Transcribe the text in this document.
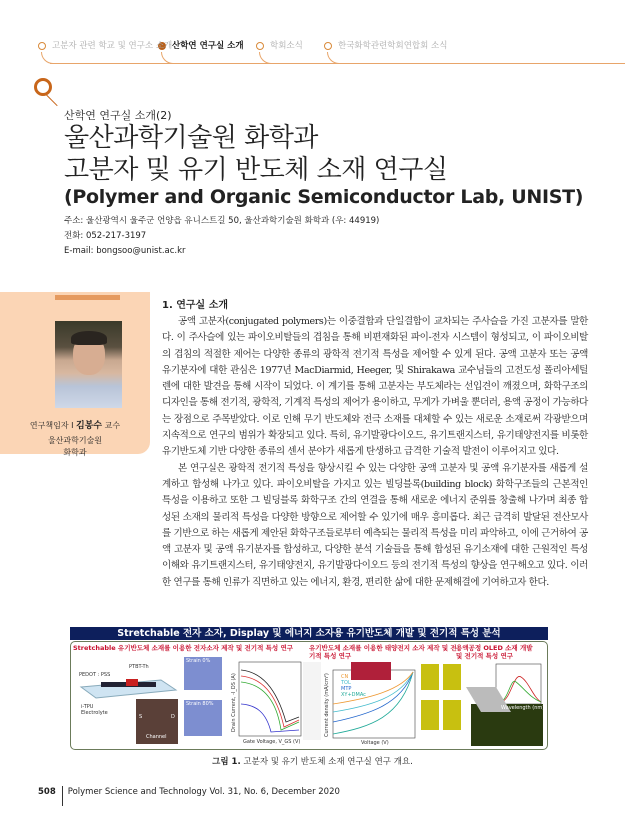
고분자 관련 학교 및 연구소 소개 산학연 연구실 소개	학회소식	한국화학관련학회연합회 소식
산학연 연구실 소개(2)
울산과학기술원 화학과
고분자 및 유기 반도체 소재 연구실
(Polymer and Organic Semiconductor Lab, UNIST)
주소: 울산광역시 울주군 언양읍 유니스트길 50, 울산과학기술원 화학과 (우: 44919)
전화: 052-217-3197
E-mail: bongsoo@unist.ac.kr
연구책임자 I 김봉수 교수
울산과학기술원
화학과
1. 연구실 소개

공액 고분자(conjugated polymers)는 이중결합과 단일결합이 교차되는 주사슬을 가진 고분자를 말한다. 이 주사슬에 있는 파이오비탈들의 겹침을 통해 비편재화된 파이-전자 시스템이 형성되고, 이 파이오비탈의 겹침의 적절한 제어는 다양한 종류의 광학적 전기적 특성을 제어할 수 있게 된다. 공액 고분자 또는 공액 유기분자에 대한 관심은 1977년 MacDiarmid, Heeger, 및 Shirakawa 교수님들의 고전도성 폴리아세틸렌에 대한 발견을 통해 시작이 되었다. 이 계기를 통해 고분자는 부도체라는 선입견이 깨졌으며, 화학구조의 디자인을 통해 전기적, 광학적, 기계적 특성의 제어가 용이하고, 무게가 가벼울 뿐더러, 용액 공정이 가능하다는 장점으로 주목받았다. 이로 인해 무기 반도체와 전극 소재를 대체할 수 있는 새로운 소재로써 각광받으며 지속적으로 연구의 범위가 확장되고 있다. 특히, 유기발광다이오드, 유기트랜지스터, 유기태양전지를 비롯한 유기반도체 기반 다양한 종류의 센서 분야가 새롭게 탄생하고 급격한 기술적 발전이 이루어지고 있다.

본 연구실은 광학적 전기적 특성을 향상시킬 수 있는 다양한 공액 고분자 및 공액 유기분자를 새롭게 설계하고 합성해 나가고 있다. 파이오비탈을 가지고 있는 빌딩블록(building block) 화학구조들의 근본적인 특성을 이용하고 또한 그 빌딩블록 화학구조 간의 연결을 통해 새로운 에너지 준위를 창출해 나가며 최종 합성된 소재의 물리적 특성을 다양한 방향으로 제어할 수 있기에 매우 흥미롭다. 최근 급격히 발달된 전산모사를 기반으로 하는 새롭게 제안된 화학구조들로부터 예측되는 물리적 특성을 미리 파악하고, 이에 근거하여 공액 고분자 및 공액 유기분자를 합성하고, 다양한 분석 기술들을 통해 합성된 유기소재에 대한 근원적인 특성 이해와 유기트랜지스터, 유기태양전지, 유기발광다이오드 등의 전기적 특성의 향상을 연구해오고 있다. 이러한 연구를 통해 인류가 직면하고 있는 에너지, 환경, 편리한 삶에 대한 문제해결에 기여하고자 한다.

Stretchable 전자 소자, Display 및 에너지 소자용 유기반도체 개발 및 전기적 특성 분석
Stretchable 유기반도체 소재를 이용한 전자소자 제작 및 전기적 특성 연구 유기반도체 소재를 이용한 태양전지 소자 제작 및 전기적 특성 연구
용액공정 OLED 소재 개발 및 전기적 특성 연구
PTBT-Th
PEDOT : PSS
i-TPU Electrolyte
S	D
Channel
Strain 0%
Strain 80%
Gate Voltage, V_GS (V)	Voltage (V)
CN
TOL
MTP
XY+DMAc
Wavelength (nm)
Drain Current, -I_DS (A)	Current density (mA/cm²)
그림 1. 고분자 및 유기 반도체 소재 연구실 연구 개요.
508 Polymer Science and Technology Vol. 31, No. 6, December 2020
